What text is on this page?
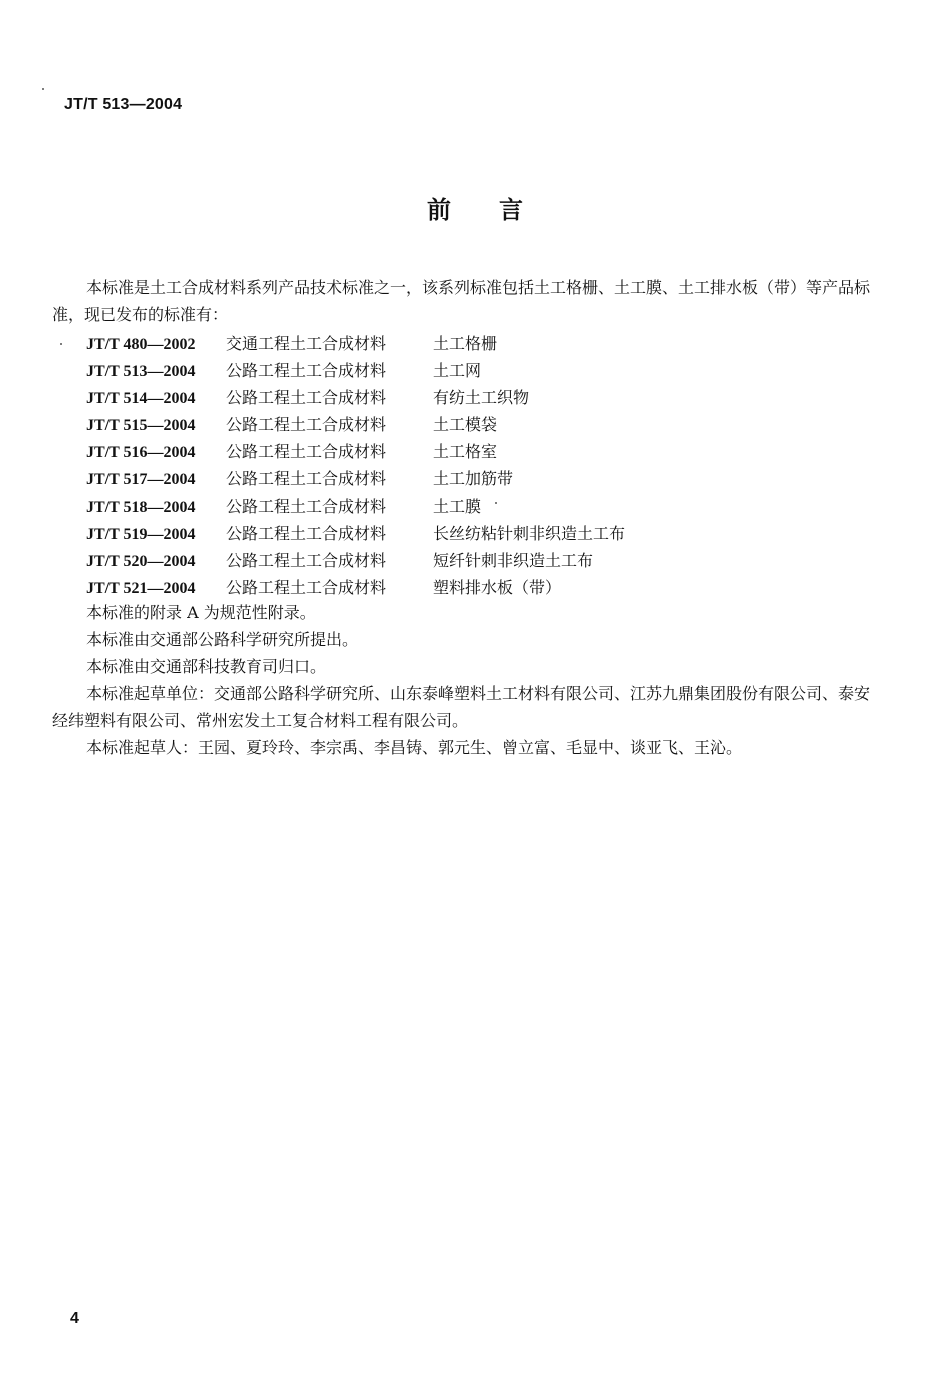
JT/T 513—2004
前言

本标准是土工合成材料系列产品技术标准之一，该系列标准包括土工格栅、土工膜、土工排水板（带）等产品标准，现已发布的标准有：

JT/T 480—2002 交通工程土工合成材料	土工格栅
JT/T 513—2004 公路工程土工合成材料	土工网
JT/T 514—2004 公路工程土工合成材料	有纺土工织物
JT/T 515—2004 公路工程土工合成材料	土工模袋
JT/T 516—2004 公路工程土工合成材料	土工格室
JT/T 517—2004 公路工程土工合成材料	土工加筋带
JT/T 518—2004 公路工程土工合成材料	土工膜
JT/T 519—2004 公路工程土工合成材料	长丝纺粘针刺非织造土工布
JT/T 520—2004 公路工程土工合成材料	短纤针刺非织造土工布
JT/T 521—2004 公路工程土工合成材料	塑料排水板（带）

本标准的附录 A 为规范性附录。

本标准由交通部公路科学研究所提出。

本标准由交通部科技教育司归口。

本标准起草单位：交通部公路科学研究所、山东泰峰塑料土工材料有限公司、江苏九鼎集团股份有限公司、泰安经纬塑料有限公司、常州宏发土工复合材料工程有限公司。

本标准起草人：王园、夏玲玲、李宗禹、李昌铸、郭元生、曾立富、毛显中、谈亚飞、王沁。

4
